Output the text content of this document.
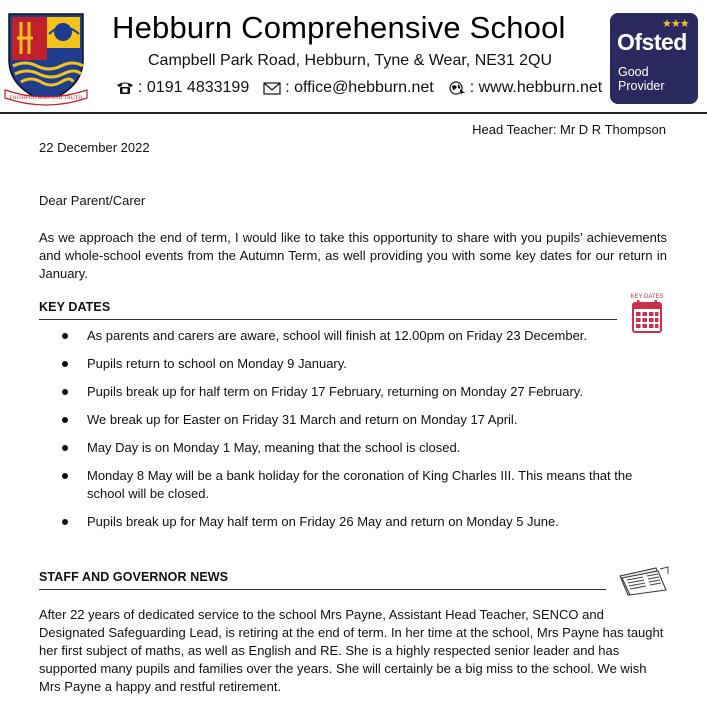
FAITHFULNESS AND TRUTH
Hebburn Comprehensive School
Campbell Park Road, Hebburn, Tyne & Wear, NE31 2QU
: 0191 4833199 : office@hebburn.net : www.hebburn.net
★★★
Ofsted
Good
Provider
Head Teacher: Mr D R Thompson
22 December 2022
Dear Parent/Carer
As we approach the end of term, I would like to take this opportunity to share with you pupils’ achievements and whole-school events from the Autumn Term, as well providing you with some key dates for our return in January.
KEY DATES
KEY DATES
As parents and carers are aware, school will finish at 12.00pm on Friday 23 December.
Pupils return to school on Monday 9 January.
Pupils break up for half term on Friday 17 February, returning on Monday 27 February.
We break up for Easter on Friday 31 March and return on Monday 17 April.
May Day is on Monday 1 May, meaning that the school is closed.
Monday 8 May will be a bank holiday for the coronation of King Charles III. This means that the school will be closed.
Pupils break up for May half term on Friday 26 May and return on Monday 5 June.
STAFF AND GOVERNOR NEWS
After 22 years of dedicated service to the school Mrs Payne, Assistant Head Teacher, SENCO and Designated Safeguarding Lead, is retiring at the end of term. In her time at the school, Mrs Payne has taught her first subject of maths, as well as English and RE. She is a highly respected senior leader and has supported many pupils and families over the years. She will certainly be a big miss to the school. We wish Mrs Payne a happy and restful retirement.
